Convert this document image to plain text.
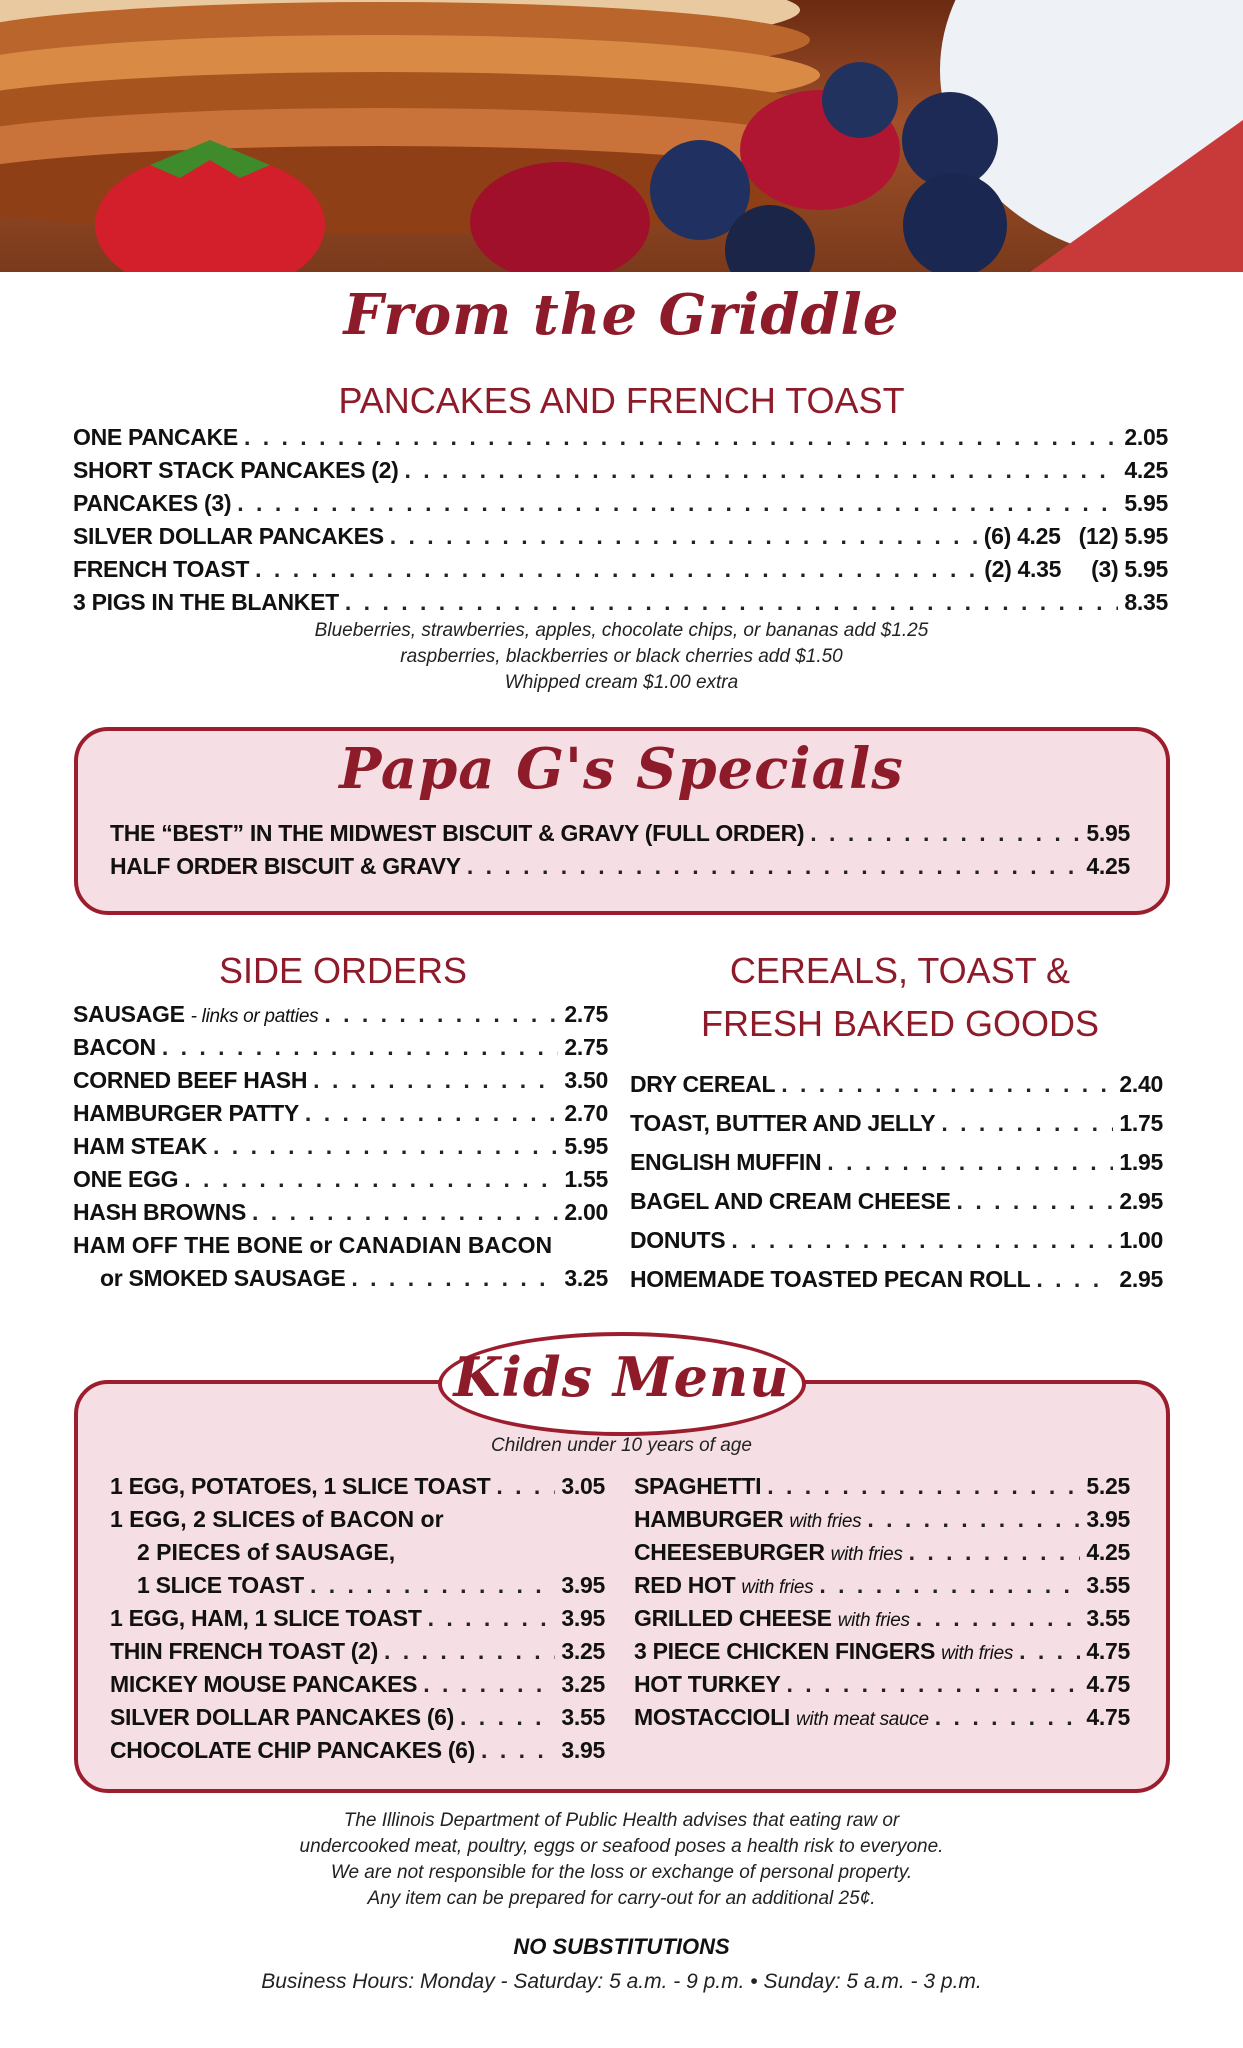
From the Griddle
PANCAKES AND FRENCH TOAST
ONE PANCAKE . . .	2.05
SHORT STACK PANCAKES (2) . . .	4.25
PANCAKES (3) . . .	5.95
SILVER DOLLAR PANCAKES . . .	(6) 4.25 (12) 5.95
FRENCH TOAST . . .	(2) 4.35 (3) 5.95
3 PIGS IN THE BLANKET . . .	8.35
Blueberries, strawberries, apples, chocolate chips, or bananas add $1.25
raspberries, blackberries or black cherries add $1.50
Whipped cream $1.00 extra
Papa G's Specials
THE “BEST” IN THE MIDWEST BISCUIT & GRAVY (FULL ORDER) . . .	5.95
HALF ORDER BISCUIT & GRAVY . . .	4.25
SIDE ORDERS
SAUSAGE - links or patties . . .	2.75
BACON . . .	2.75
CORNED BEEF HASH . . .	3.50
HAMBURGER PATTY . . .	2.70
HAM STEAK . . .	5.95
ONE EGG . . .	1.55
HASH BROWNS . . .	2.00
HAM OFF THE BONE or CANADIAN BACON
or SMOKED SAUSAGE . . .	3.25
CEREALS, TOAST &
FRESH BAKED GOODS
DRY CEREAL . . .	2.40
TOAST, BUTTER AND JELLY . . .	1.75
ENGLISH MUFFIN . . .	1.95
BAGEL AND CREAM CHEESE . . .	2.95
DONUTS . . .	1.00
HOMEMADE TOASTED PECAN ROLL . . .	2.95
Kids Menu
Children under 10 years of age
1 EGG, POTATOES, 1 SLICE TOAST . . .	3.05
1 EGG, 2 SLICES of BACON or
2 PIECES of SAUSAGE,
1 SLICE TOAST . . .	3.95
1 EGG, HAM, 1 SLICE TOAST . . .	3.95
THIN FRENCH TOAST (2) . . .	3.25
MICKEY MOUSE PANCAKES . . .	3.25
SILVER DOLLAR PANCAKES (6) . . .	3.55
CHOCOLATE CHIP PANCAKES (6) . . .	3.95
SPAGHETTI . . .	5.25
HAMBURGER with fries . . .	3.95
CHEESEBURGER with fries . . .	4.25
RED HOT with fries . . .	3.55
GRILLED CHEESE with fries . . .	3.55
3 PIECE CHICKEN FINGERS with fries . . .	4.75
HOT TURKEY . . .	4.75
MOSTACCIOLI with meat sauce . . .	4.75
The Illinois Department of Public Health advises that eating raw or
undercooked meat, poultry, eggs or seafood poses a health risk to everyone.
We are not responsible for the loss or exchange of personal property.
Any item can be prepared for carry-out for an additional 25¢.
NO SUBSTITUTIONS
Business Hours: Monday - Saturday: 5 a.m. - 9 p.m. • Sunday: 5 a.m. - 3 p.m.
